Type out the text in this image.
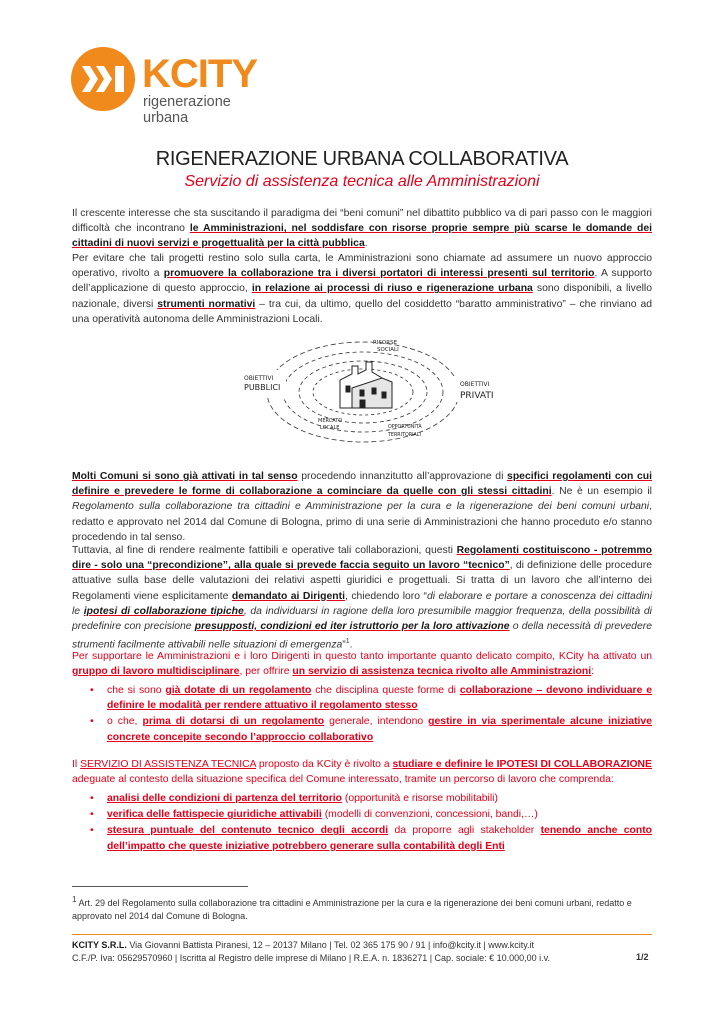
KCITY
rigenerazione urbana
RIGENERAZIONE URBANA COLLABORATIVA
Servizio di assistenza tecnica alle Amministrazioni
Il crescente interesse che sta suscitando il paradigma dei “beni comuni” nel dibattito pubblico va di pari passo con le maggiori difficoltà che incontrano le Amministrazioni, nel soddisfare con risorse proprie sempre più scarse le domande dei cittadini di nuovi servizi e progettualità per la città pubblica.
Per evitare che tali progetti restino solo sulla carta, le Amministrazioni sono chiamate ad assumere un nuovo approccio operativo, rivolto a promuovere la collaborazione tra i diversi portatori di interessi presenti sul territorio. A supporto dell’applicazione di questo approccio, in relazione ai processi di riuso e rigenerazione urbana sono disponibili, a livello nazionale, diversi strumenti normativi – tra cui, da ultimo, quello del cosiddetto “baratto amministrativo” – che rinviano ad una operatività autonoma delle Amministrazioni Locali.
OBIETTIVI
PUBBLICI	OBIETTIVI
PRIVATI
RISORSE
SOCIALI
MERCATO
LOCALE	OPPORTUNITÀ
TERRITORIALI
Molti Comuni si sono già attivati in tal senso procedendo innanzitutto all’approvazione di specifici regolamenti con cui definire e prevedere le forme di collaborazione a cominciare da quelle con gli stessi cittadini. Ne è un esempio il Regolamento sulla collaborazione tra cittadini e Amministrazione per la cura e la rigenerazione dei beni comuni urbani, redatto e approvato nel 2014 dal Comune di Bologna, primo di una serie di Amministrazioni che hanno proceduto e/o stanno procedendo in tal senso.
Tuttavia, al fine di rendere realmente fattibili e operative tali collaborazioni, questi Regolamenti costituiscono - potremmo dire - solo una “precondizione”, alla quale si prevede faccia seguito un lavoro “tecnico”, di definizione delle procedure attuative sulla base delle valutazioni dei relativi aspetti giuridici e progettuali. Si tratta di un lavoro che all’interno dei Regolamenti viene esplicitamente demandato ai Dirigenti, chiedendo loro “di elaborare e portare a conoscenza dei cittadini le ipotesi di collaborazione tipiche, da individuarsi in ragione della loro presumibile maggior frequenza, della possibilità di predefinire con precisione presupposti, condizioni ed iter istruttorio per la loro attivazione o della necessità di prevedere strumenti facilmente attivabili nelle situazioni di emergenza”$^1$.
Per supportare le Amministrazioni e i loro Dirigenti in questo tanto importante quanto delicato compito, KCity ha attivato un gruppo di lavoro multidisciplinare, per offrire un servizio di assistenza tecnica rivolto alle Amministrazioni:
• che si sono già dotate di un regolamento che disciplina queste forme di collaborazione – devono individuare e definire le modalità per rendere attuativo il regolamento stesso
• o che, prima di dotarsi di un regolamento generale, intendono gestire in via sperimentale alcune iniziative concrete concepite secondo l’approccio collaborativo
Il SERVIZIO DI ASSISTENZA TECNICA proposto da KCity è rivolto a studiare e definire le IPOTESI DI COLLABORAZIONE adeguate al contesto della situazione specifica del Comune interessato, tramite un percorso di lavoro che comprenda:
• analisi delle condizioni di partenza del territorio (opportunità e risorse mobilitabili)
• verifica delle fattispecie giuridiche attivabili (modelli di convenzioni, concessioni, bandi,…)
• stesura puntuale del contenuto tecnico degli accordi da proporre agli stakeholder tenendo anche conto dell’impatto che queste iniziative potrebbero generare sulla contabilità degli Enti
$^1$ Art. 29 del Regolamento sulla collaborazione tra cittadini e Amministrazione per la cura e la rigenerazione dei beni comuni urbani, redatto e approvato nel 2014 dal Comune di Bologna.
KCITY S.R.L. Via Giovanni Battista Piranesi, 12 – 20137 Milano | Tel. 02 365 175 90 / 91 | info@kcity.it | www.kcity.it
C.F./P. Iva: 05629570960 | Iscritta al Registro delle imprese di Milano | R.E.A. n. 1836271 | Cap. sociale: € 10.000,00 i.v.	1/2
